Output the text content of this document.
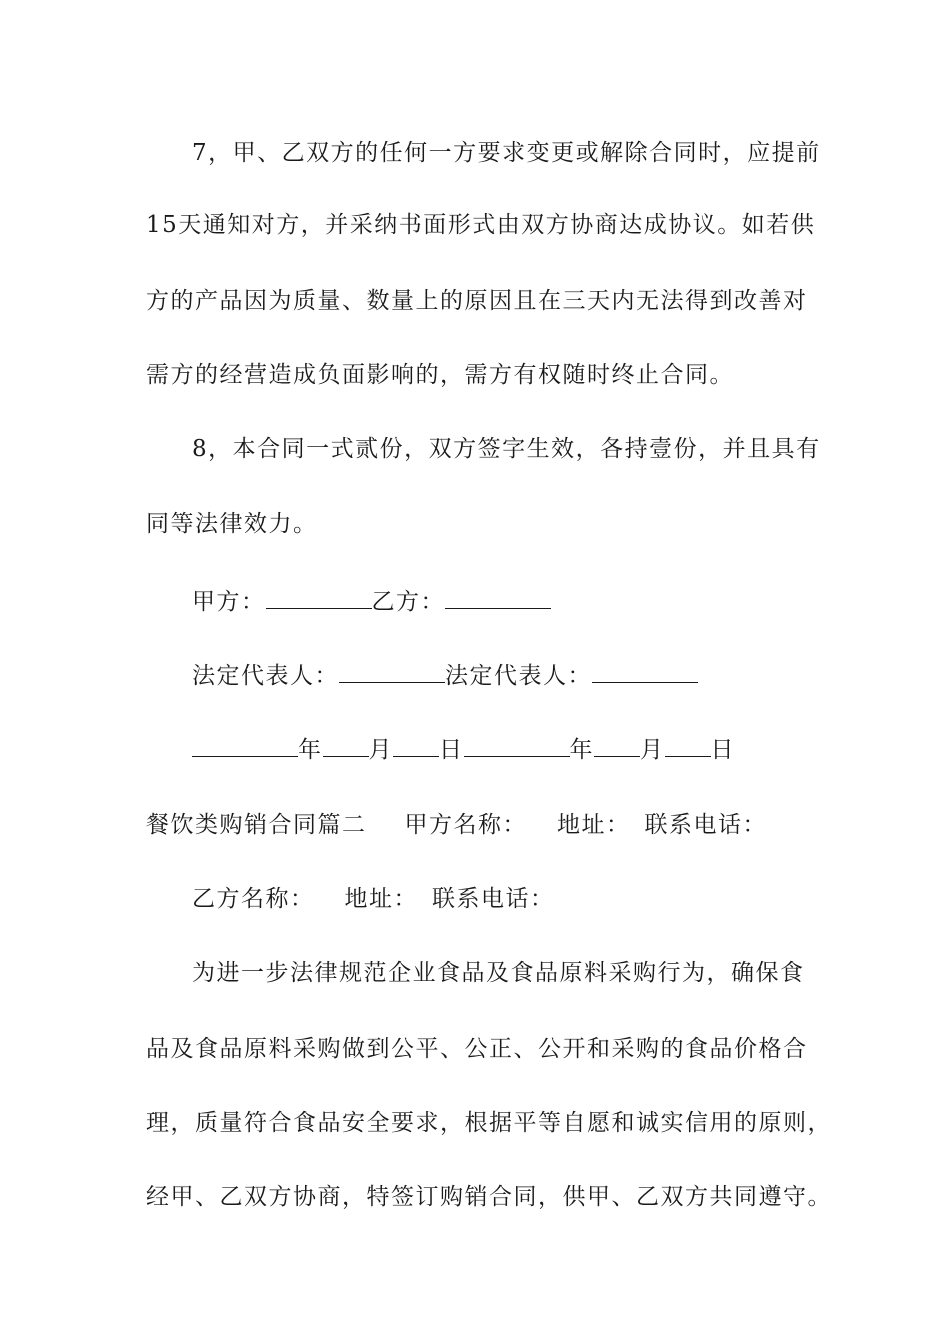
7，甲、乙双方的任何一方要求变更或解除合同时，应提前
15天通知对方，并采纳书面形式由双方协商达成协议。如若供
方的产品因为质量、数量上的原因且在三天内无法得到改善对
需方的经营造成负面影响的，需方有权随时终止合同。
8，本合同一式贰份，双方签字生效，各持壹份，并且具有
同等法律效力。
甲方：	乙方：
法定代表人：	法定代表人：
年 月 日	年 月 日
餐饮类购销合同篇二 甲方名称： 地址： 联系电话：
乙方名称： 地址： 联系电话：
为进一步法律规范企业食品及食品原料采购行为，确保食
品及食品原料采购做到公平、公正、公开和采购的食品价格合
理，质量符合食品安全要求，根据平等自愿和诚实信用的原则，
经甲、乙双方协商，特签订购销合同，供甲、乙双方共同遵守。
